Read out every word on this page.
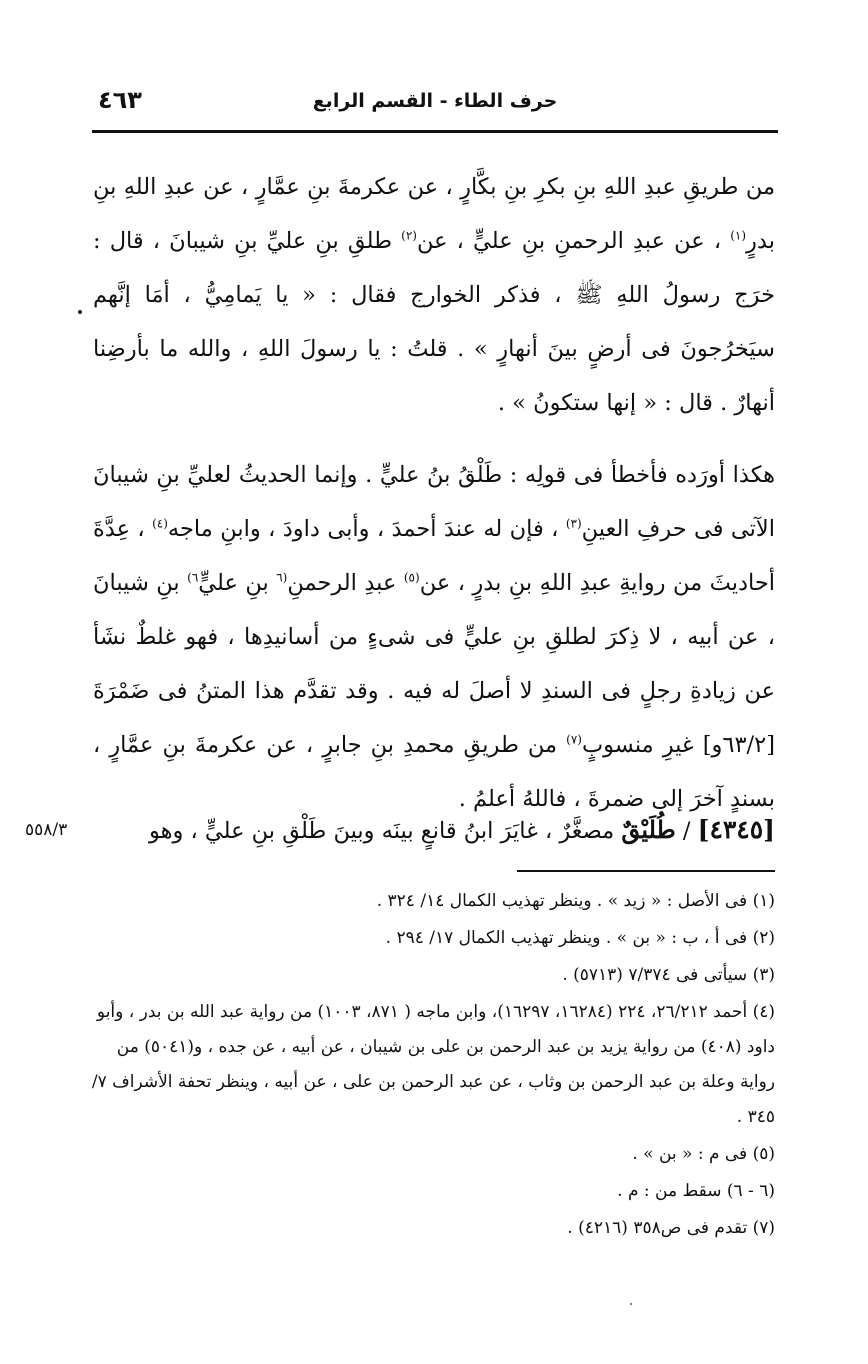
حرف الطاء - القسم الرابع
٤٦٣

من طريقِ عبدِ اللهِ بنِ بكرِ بنِ بكَّارٍ ، عن عكرمةَ بنِ عمَّارٍ ، عن عبدِ اللهِ بنِ بدرٍ$^{(١)}$ ، عن عبدِ الرحمنِ بنِ عليٍّ ، عن$^{(٢)}$ طلقِ بنِ عليِّ بنِ شيبانَ ، قال : خرَج رسولُ اللهِ ﷺ ، فذكر الخوارج فقال : « يا يَمامِيُّ ، أمَا إنَّهم سيَخرُجونَ فى أرضٍ بينَ أنهارٍ » . قلتُ : يا رسولَ اللهِ ، والله ما بأرضِنا أنهارٌ . قال : « إنها ستكونُ » .

هكذا أورَده فأخطأ فى قولِه : طَلْقُ بنُ عليٍّ . وإنما الحديثُ لعليِّ بنِ شيبانَ الآتى فى حرفِ العينِ$^{(٣)}$ ، فإن له عندَ أحمدَ ، وأبى داودَ ، وابنِ ماجه$^{(٤)}$ ، عِدَّةَ أحاديثَ من روايةِ عبدِ اللهِ بنِ بدرٍ ، عن$^{(٥)}$ عبدِ الرحمنِ$^{(٦}$ بنِ عليٍّ$^{٦)}$ بنِ شيبانَ ، عن أبيه ، لا ذِكرَ لطلقِ بنِ عليٍّ فى شىءٍ من أسانيدِها ، فهو غلطٌ نشَأ عن زيادةِ رجلٍ فى السندِ لا أصلَ له فيه . وقد تقدَّم هذا المتنُ فى ضَمْرَةَ [٦٣/٢و] غيرِ منسوبٍ$^{(٧)}$ من طريقِ محمدِ بنِ جابرٍ ، عن عكرمةَ بنِ عمَّارٍ ، بسندٍ آخرَ إلى ضمرةَ ، فاللهُ أعلمُ .

[٤٣٤٥] / طُلَيْقٌ مصغَّرٌ ، غايَرَ ابنُ قانعٍ بينَه وبينَ طَلْقِ بنِ عليٍّ ، وهو
٥٥٨/٣

(١) فى الأصل : « زيد » . وينظر تهذيب الكمال ١٤/ ٣٢٤ .

(٢) فى أ ، ب : « بن » . وينظر تهذيب الكمال ١٧/ ٢٩٤ .

(٣) سيأتى فى ٧/٣٧٤ (٥٧١٣) .

(٤) أحمد ٢٦/٢١٢، ٢٢٤ (١٦٢٨٤، ١٦٢٩٧)، وابن ماجه ( ٨٧١، ١٠٠٣) من رواية عبد الله بن بدر ، وأبو داود (٤٠٨) من رواية يزيد بن عبد الرحمن بن على بن شيبان ، عن أبيه ، عن جده ، و(٥٠٤١) من رواية وعلة بن عبد الرحمن بن وثاب ، عن عبد الرحمن بن على ، عن أبيه ، وينظر تحفة الأشراف ٧/ ٣٤٥ .

(٥) فى م : « بن » .

(٦ - ٦) سقط من : م .

(٧) تقدم فى ص٣٥٨ (٤٢١٦) .
